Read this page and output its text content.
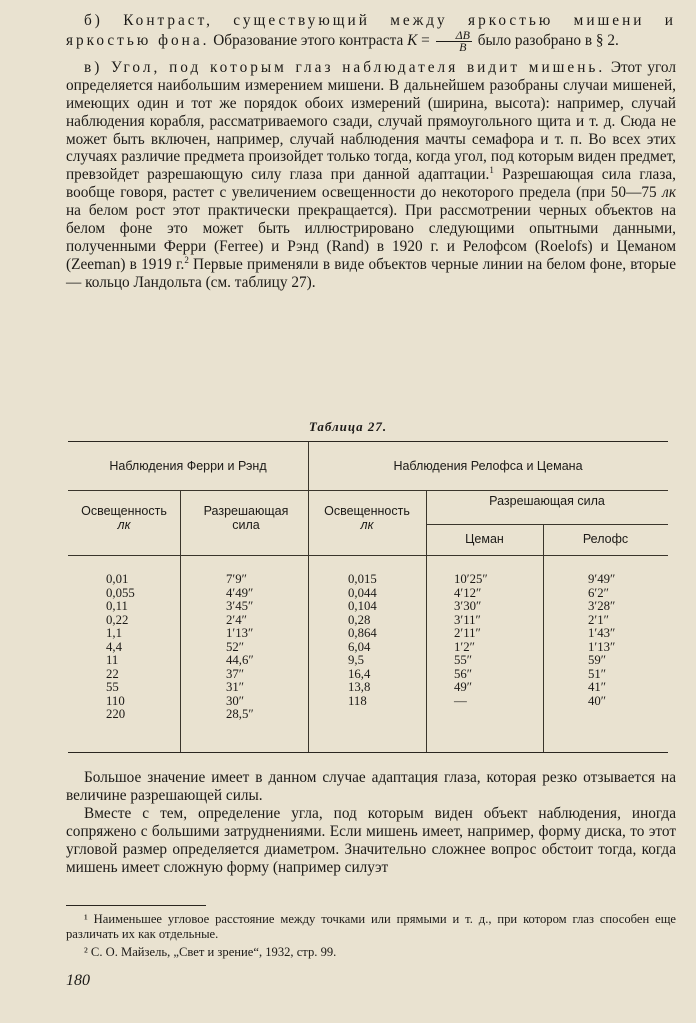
б) Контраст, существующий между яркостью мишени и яркостью фона. Образование этого контраста $K = \frac{\Delta B}{B}$ было разобрано в § 2.

в) Угол, под которым глаз наблюдателя видит мишень. Этот угол определяется наибольшим измерением мишени. В дальнейшем разобраны случаи мишеней, имеющих один и тот же порядок обоих измерений (ширина, высота): например, случай наблюдения корабля, рассматриваемого сзади, случай прямоугольного щита и т. д. Сюда не может быть включен, например, случай наблюдения мачты семафора и т. п. Во всех этих случаях различие предмета произойдет только тогда, когда угол, под которым виден предмет, превзойдет разрешающую силу глаза при данной адаптации.$^1$ Разрешающая сила глаза, вообще говоря, растет с увеличением освещенности до некоторого предела (при 50—75 лк на белом рост этот практически прекращается). При рассмотрении черных объектов на белом фоне это может быть иллюстрировано следующими опытными данными, полученными Ферри (Ferree) и Рэнд (Rand) в 1920 г. и Релофсом (Roelofs) и Цеманом (Zeeman) в 1919 г.$^2$ Первые применяли в виде объектов черные линии на белом фоне, вторые — кольцо Ландольта (см. таблицу 27).

Таблица 27.
Наблюдения Ферри и Рэнд	Наблюдения Релофса и Цемана
Освещенность
лк
Разрешающая сила
Освещенность
лк
Разрешающая сила
Цеман	Релофс
0,01
0,055
0,11
0,22
1,1
4,4
11
22
55
110
220
7′9″
4′49″
3′45″
2′4″
1′13″
52″
44,6″
37″
31″
30″
28,5″
0,015
0,044
0,104
0,28
0,864
6,04
9,5
16,4
13,8
118
10′25″
4′12″
3′30″
3′11″
2′11″
1′2″
55″
56″
49″
—
9′49″
6′2″
3′28″
2′1″
1′43″
1′13″
59″
51″
41″
40″

Большое значение имеет в данном случае адаптация глаза, которая резко отзывается на величине разрешающей силы.

Вместе с тем, определение угла, под которым виден объект наблюдения, иногда сопряжено с большими затруднениями. Если мишень имеет, например, форму диска, то этот угловой размер определяется диаметром. Значительно сложнее вопрос обстоит тогда, когда мишень имеет сложную форму (например силуэт

¹ Наименьшее угловое расстояние между точками или прямыми и т. д., при котором глаз способен еще различать их как отдельные.
² С. О. Майзель, „Свет и зрение“, 1932, стр. 99.
180
